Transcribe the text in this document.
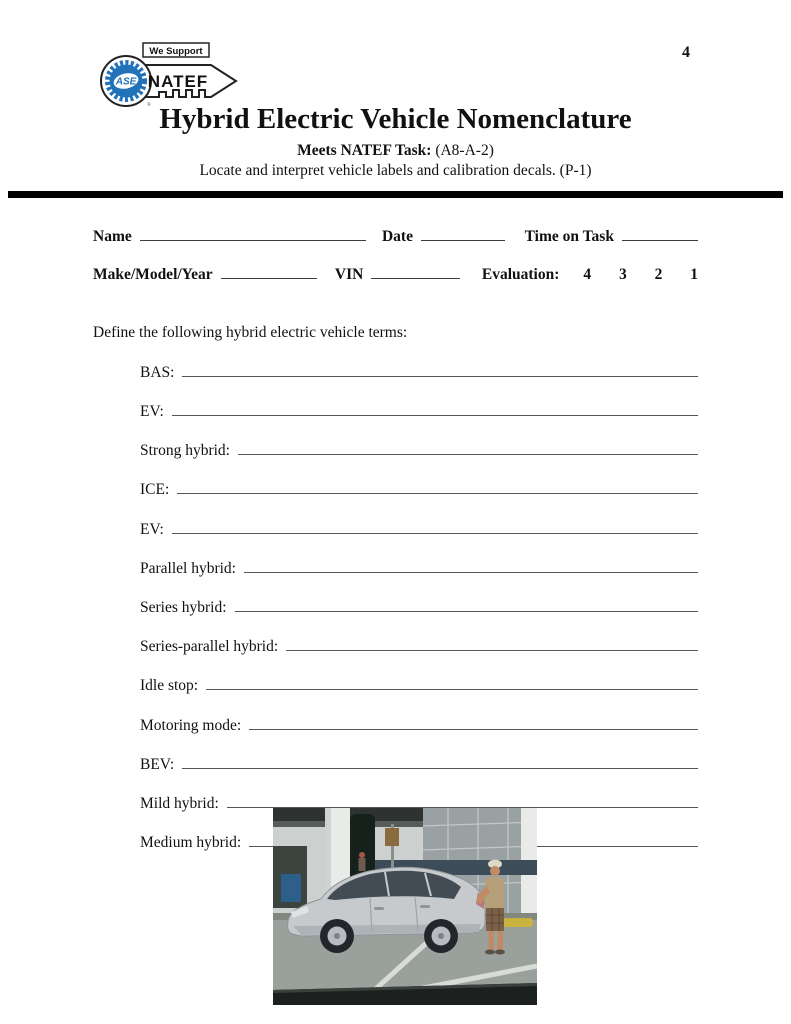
We Support
ASE
®
NATEF
4
Hybrid Electric Vehicle Nomenclature
Meets NATEF Task: (A8-A-2)
Locate and interpret vehicle labels and calibration decals. (P-1)
Name	Date	Time on Task
Make/Model/Year	VIN	Evaluation:	4 3 2 1
Define the following hybrid electric vehicle terms:
BAS:
EV:
Strong hybrid:
ICE:
EV:
Parallel hybrid:
Series hybrid:
Series-parallel hybrid:
Idle stop:
Motoring mode:
BEV:
Mild hybrid:
Medium hybrid:
